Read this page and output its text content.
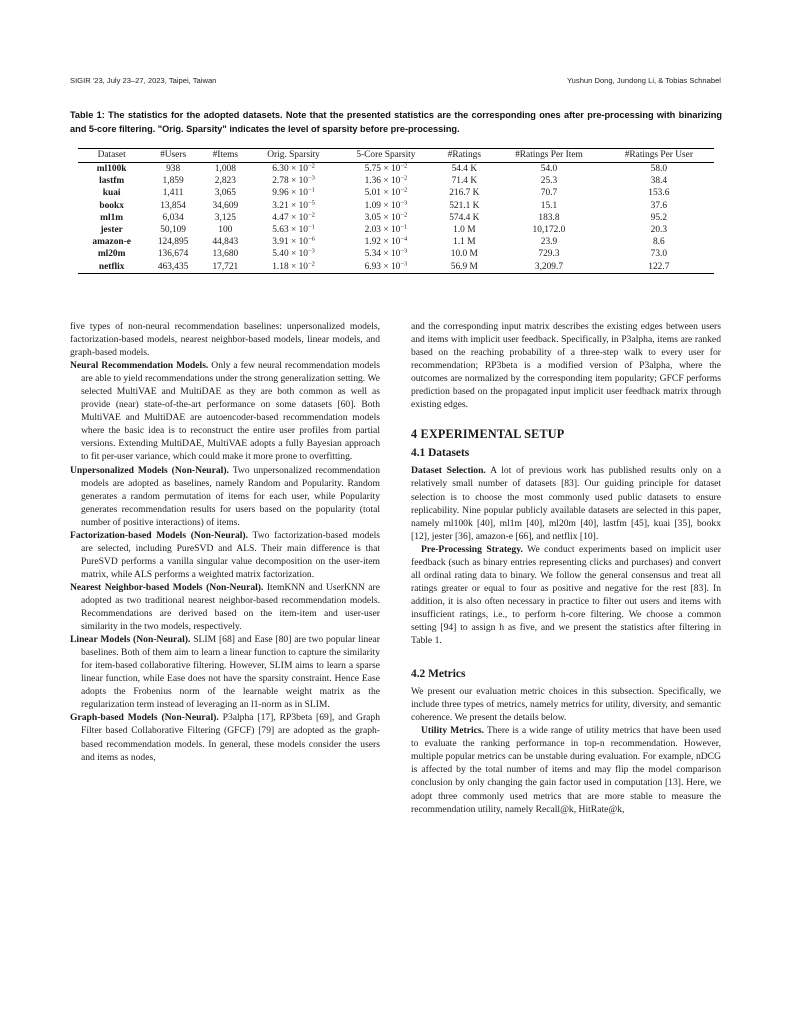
SIGIR '23, July 23–27, 2023, Taipei, Taiwan	Yushun Dong, Jundong Li, & Tobias Schnabel
Table 1: The statistics for the adopted datasets. Note that the presented statistics are the corresponding ones after pre-processing with binarizing and 5-core filtering. "Orig. Sparsity" indicates the level of sparsity before pre-processing.
Dataset	#Users	#Items	Orig. Sparsity	5-Core Sparsity	#Ratings	#Ratings Per Item	#Ratings Per User
ml100k	938	1,008	$6.30 \times 10^{-2}$	$5.75 \times 10^{-2}$	54.4 K	54.0	58.0
lastfm	1,859	2,823	$2.78 \times 10^{-3}$	$1.36 \times 10^{-2}$	71.4 K	25.3	38.4
kuai	1,411	3,065	$9.96 \times 10^{-1}$	$5.01 \times 10^{-2}$	216.7 K	70.7	153.6
bookx	13,854	34,609	$3.21 \times 10^{-5}$	$1.09 \times 10^{-3}$	521.1 K	15.1	37.6
ml1m	6,034	3,125	$4.47 \times 10^{-2}$	$3.05 \times 10^{-2}$	574.4 K	183.8	95.2
jester	50,109	100	$5.63 \times 10^{-1}$	$2.03 \times 10^{-1}$	1.0 M	10,172.0	20.3
amazon-e	124,895	44,843	$3.91 \times 10^{-6}$	$1.92 \times 10^{-4}$	1.1 M	23.9	8.6
ml20m	136,674	13,680	$5.40 \times 10^{-3}$	$5.34 \times 10^{-3}$	10.0 M	729.3	73.0
netflix	463,435	17,721	$1.18 \times 10^{-2}$	$6.93 \times 10^{-3}$	56.9 M	3,209.7	122.7

five types of non-neural recommendation baselines: unpersonalized models, factorization-based models, nearest neighbor-based models, linear models, and graph-based models.

Neural Recommendation Models. Only a few neural recommendation models are able to yield recommendations under the strong generalization setting. We selected MultiVAE and MultiDAE as they are both common as well as provide (near) state-of-the-art performance on some datasets [60]. Both MultiVAE and MultiDAE are autoencoder-based recommendation models where the basic idea is to reconstruct the entire user profiles from partial versions. Extending MultiDAE, MultiVAE adopts a fully Bayesian approach to fit per-user variance, which could make it more prone to overfitting.

Unpersonalized Models (Non-Neural). Two unpersonalized recommendation models are adopted as baselines, namely Random and Popularity. Random generates a random permutation of items for each user, while Popularity generates recommendation results for users based on the popularity (total number of positive interactions) of items.

Factorization-based Models (Non-Neural). Two factorization-based models are selected, including PureSVD and ALS. Their main difference is that PureSVD performs a vanilla singular value decomposition on the user-item matrix, while ALS performs a weighted matrix factorization.

Nearest Neighbor-based Models (Non-Neural). ItemKNN and UserKNN are adopted as two traditional nearest neighbor-based recommendation models. Recommendations are derived based on the item-item and user-user similarity in the two models, respectively.

Linear Models (Non-Neural). SLIM [68] and Ease [80] are two popular linear baselines. Both of them aim to learn a linear function to capture the similarity for item-based collaborative filtering. However, SLIM aims to learn a sparse linear function, while Ease does not have the sparsity constraint. Hence Ease adopts the Frobenius norm of the learnable weight matrix as the regularization term instead of leveraging an l1-norm as in SLIM.

Graph-based Models (Non-Neural). P3alpha [17], RP3beta [69], and Graph Filter based Collaborative Filtering (GFCF) [79] are adopted as the graph-based recommendation models. In general, these models consider the users and items as nodes,

and the corresponding input matrix describes the existing edges between users and items with implicit user feedback. Specifically, in P3alpha, items are ranked based on the reaching probability of a three-step walk to every user for recommendation; RP3beta is a modified version of P3alpha, where the outcomes are normalized by the corresponding item popularity; GFCF performs prediction based on the propagated input implicit user feedback matrix through existing edges.

4 EXPERIMENTAL SETUP
4.1 Datasets

Dataset Selection. A lot of previous work has published results only on a relatively small number of datasets [83]. Our guiding principle for dataset selection is to choose the most commonly used public datasets to ensure replicability. Nine popular publicly available datasets are selected in this paper, namely ml100k [40], ml1m [40], ml20m [40], lastfm [45], kuai [35], bookx [12], jester [36], amazon-e [66], and netflix [10].

Pre-Processing Strategy. We conduct experiments based on implicit user feedback (such as binary entries representing clicks and purchases) and convert all ordinal rating data to binary. We follow the general consensus and treat all ratings greater or equal to four as positive and negative for the rest [83]. In addition, it is also often necessary in practice to filter out users and items with insufficient ratings, i.e., to perform h-core filtering. We choose a common setting [94] to assign h as five, and we present the statistics after filtering in Table 1.

4.2 Metrics

We present our evaluation metric choices in this subsection. Specifically, we include three types of metrics, namely metrics for utility, diversity, and semantic coherence. We present the details below.

Utility Metrics. There is a wide range of utility metrics that have been used to evaluate the ranking performance in top-n recommendation. However, multiple popular metrics can be unstable during evaluation. For example, nDCG is affected by the total number of items and may flip the model comparison conclusion by only changing the gain factor used in computation [13]. Here, we adopt three commonly used metrics that are more stable to measure the recommendation utility, namely Recall@k, HitRate@k,
